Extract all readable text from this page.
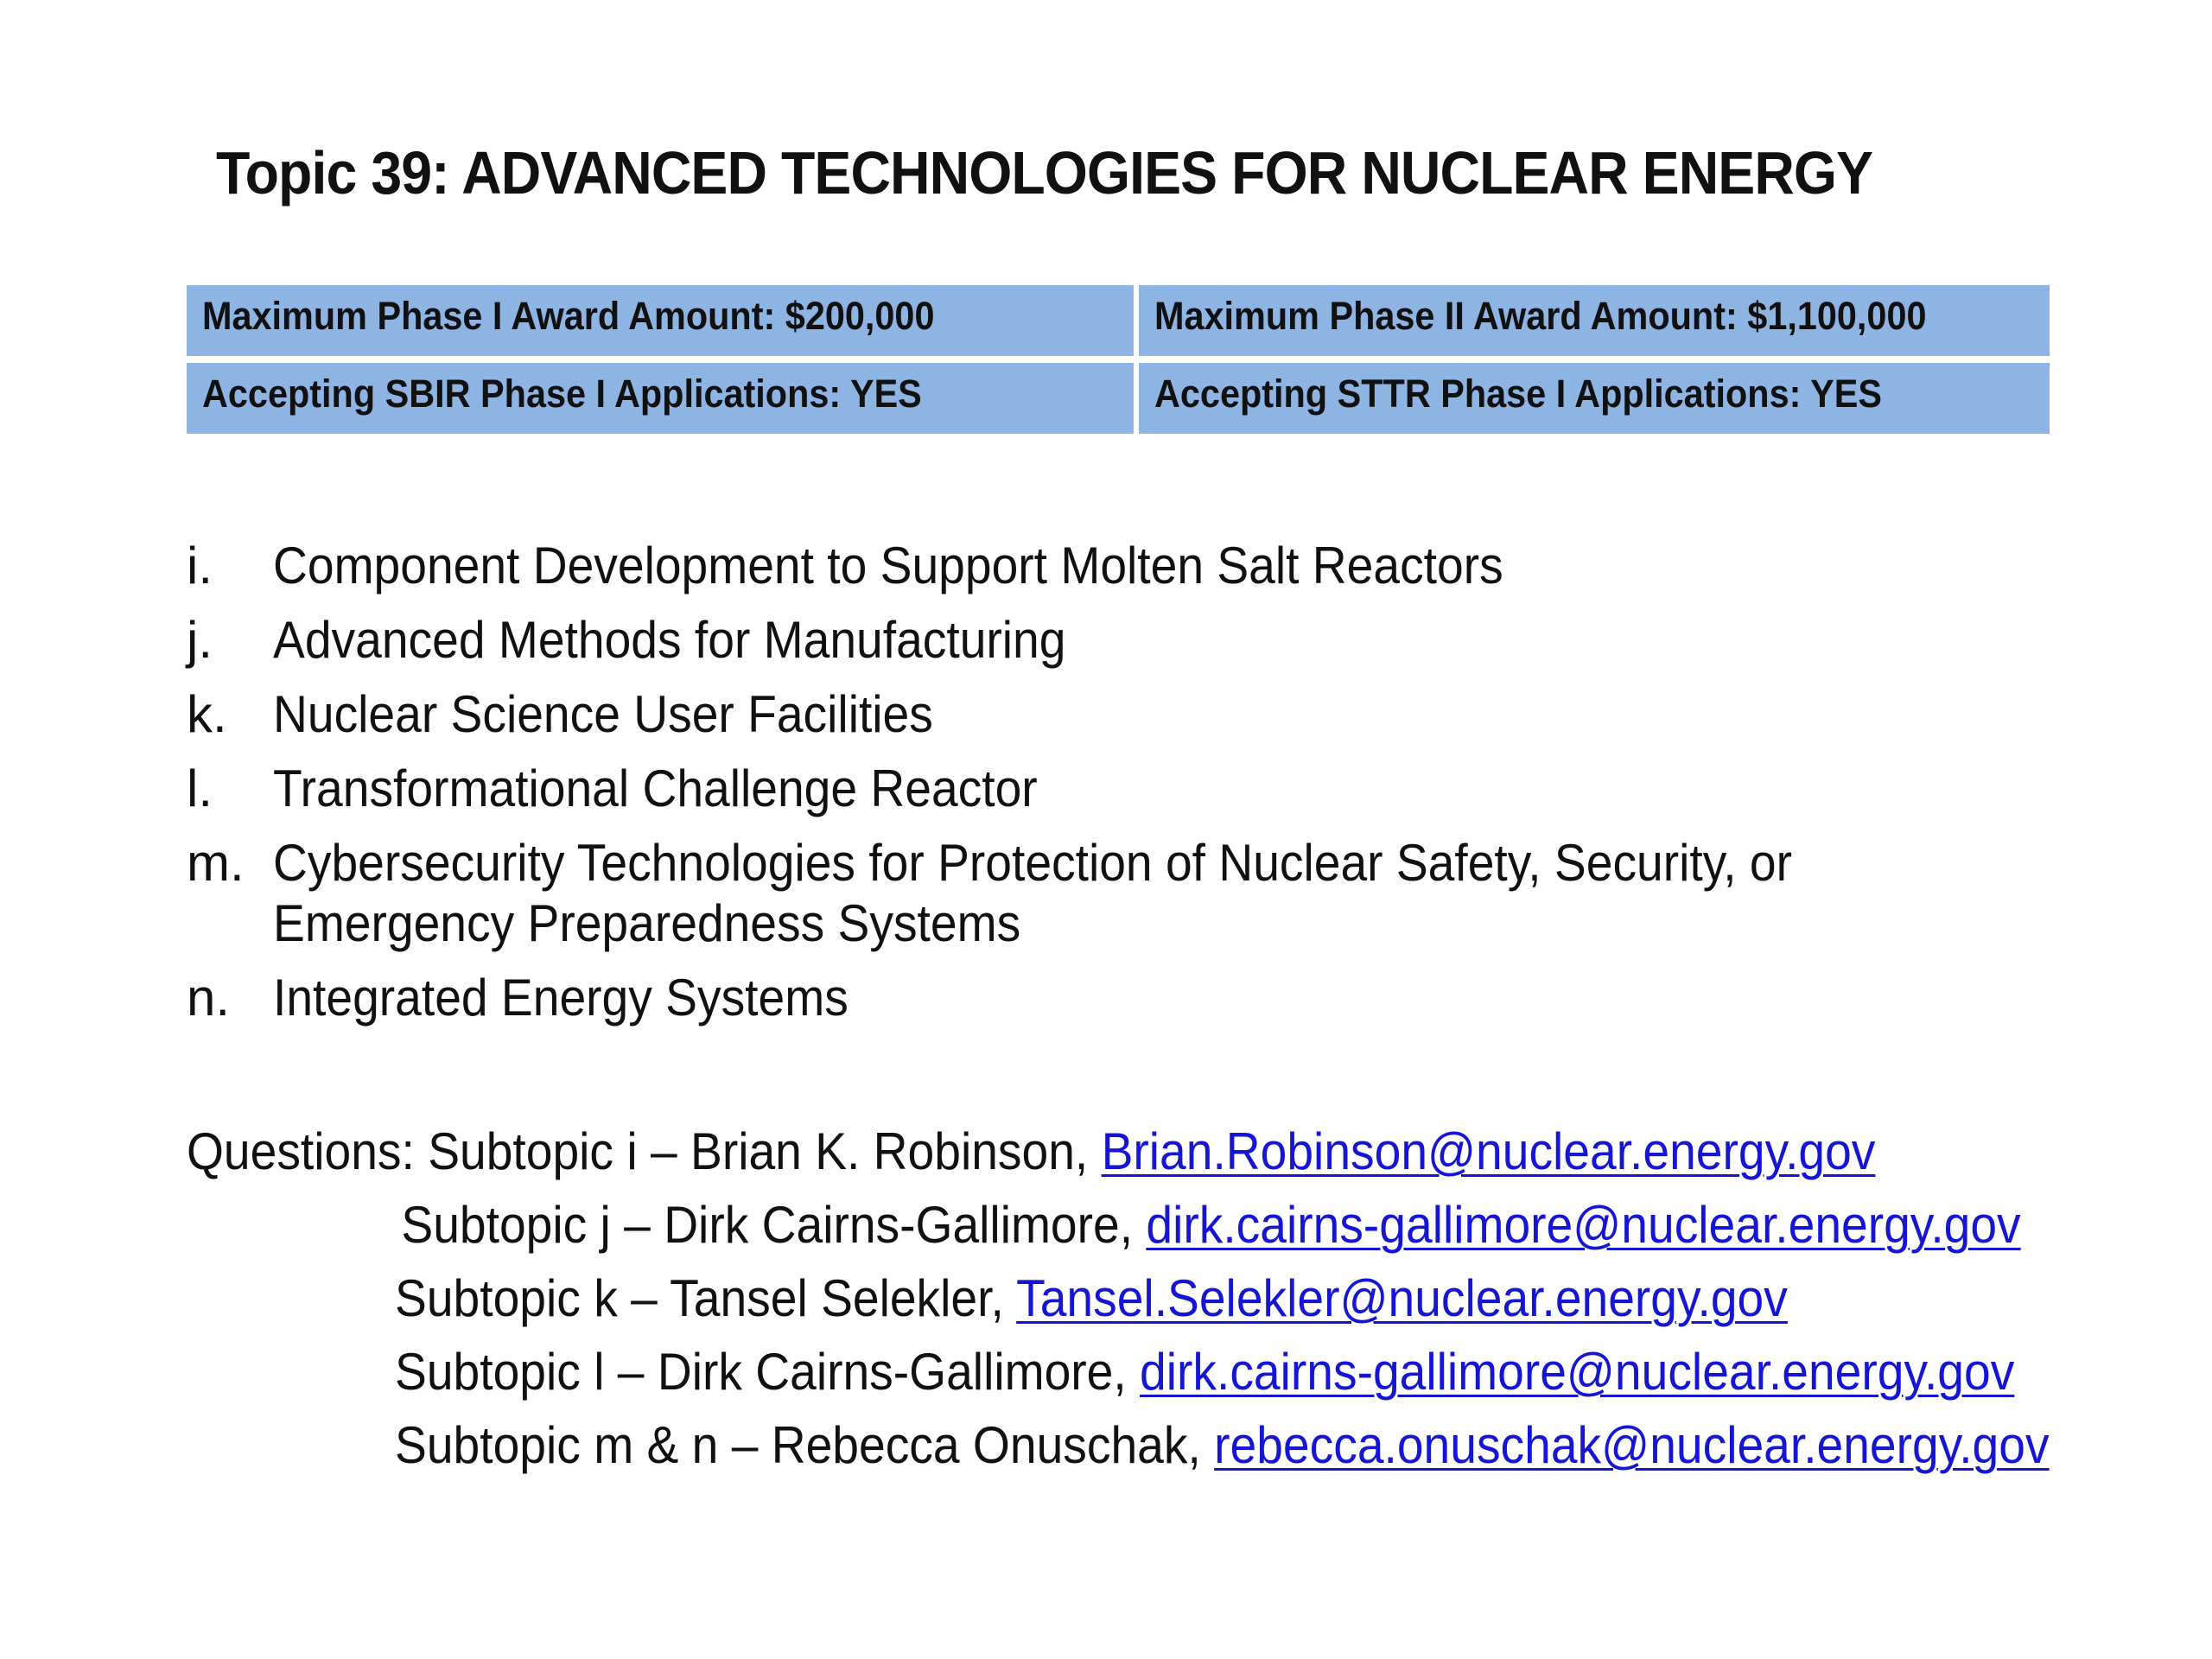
Topic 39: ADVANCED TECHNOLOGIES FOR NUCLEAR ENERGY
Maximum Phase I Award Amount: $200,000	Maximum Phase II Award Amount: $1,100,000
Accepting SBIR Phase I Applications: YES	Accepting STTR Phase I Applications: YES
i.	Component Development to Support Molten Salt Reactors
j.	Advanced Methods for Manufacturing
k. Nuclear Science User Facilities
l.	Transformational Challenge Reactor
m. Cybersecurity Technologies for Protection of Nuclear Safety, Security, or Emergency Preparedness Systems
n. Integrated Energy Systems
Questions: Subtopic i – Brian K. Robinson, Brian.Robinson@nuclear.energy.gov
Subtopic j – Dirk Cairns-Gallimore, dirk.cairns-gallimore@nuclear.energy.gov
Subtopic k – Tansel Selekler, Tansel.Selekler@nuclear.energy.gov
Subtopic l – Dirk Cairns-Gallimore, dirk.cairns-gallimore@nuclear.energy.gov
Subtopic m & n – Rebecca Onuschak, rebecca.onuschak@nuclear.energy.gov
